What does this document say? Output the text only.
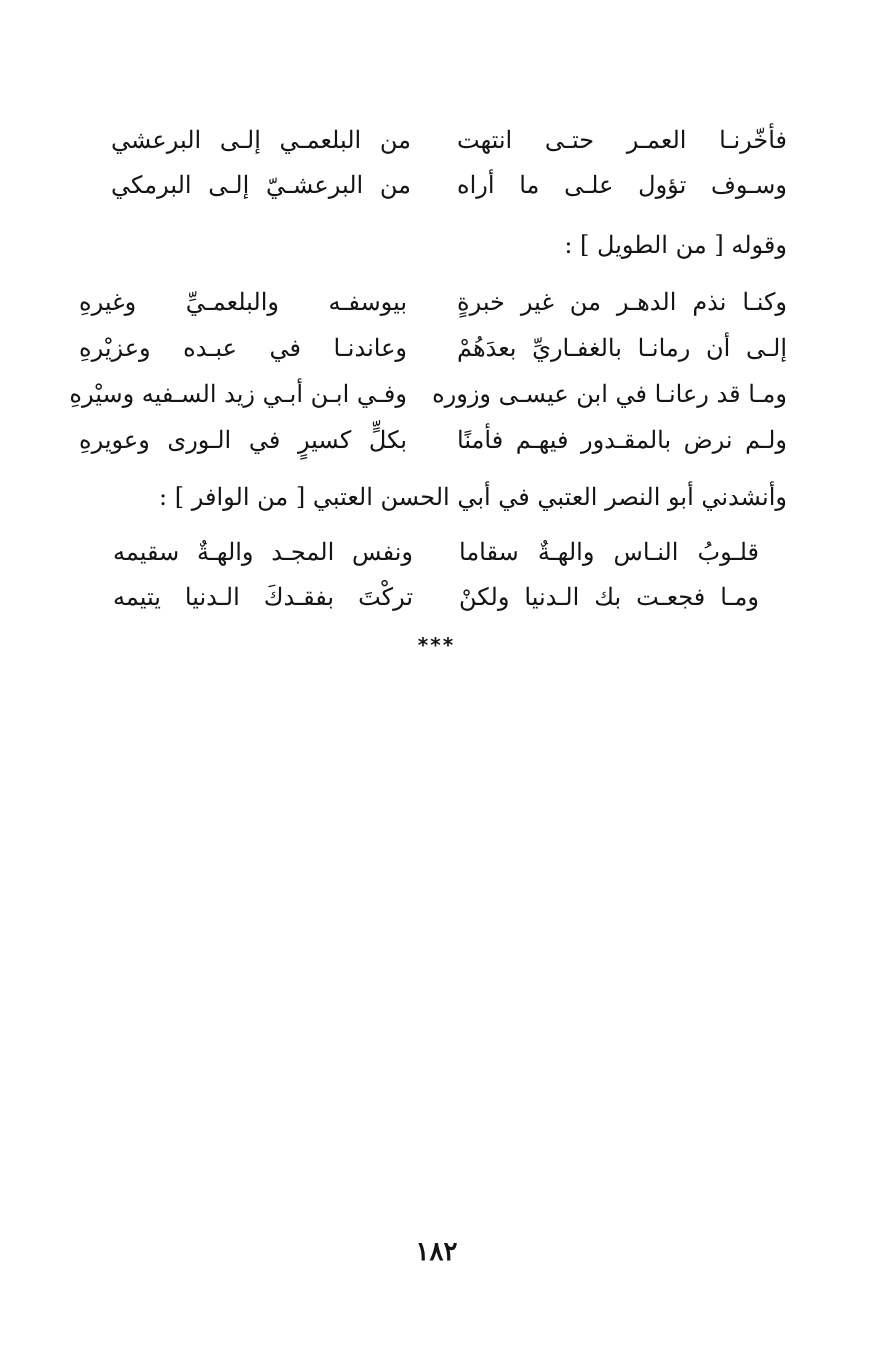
فأخّرنـا العمـر حتـى انتهت
من البلعمـي إلـى البرعشي
وسـوف تؤول علـى ما أراه
من البرعشـيّ إلـى البرمكي
وقوله [ من الطويل ] :
وكنـا نذم الدهـر من غير خبرةٍ
بيوسفـه والبلعمـيِّ وغيرهِ
إلـى أن رمانـا بالغفـاريِّ بعدَهُمْ
وعاندنـا في عبـده وعزيْرهِ
ومـا قد رعانـا في ابن عيسـى وزوره
وفـي ابـن أبـي زيد السـفيه وسيْرهِ
ولـم نرض بالمقـدور فيهـم فأمنًا
بكلٍّ كسيرٍ في الـورى وعويرهِ
وأنشدني أبو النصر العتبي في أبي الحسن العتبي [ من الوافر ] :
قلـوبُ النـاس والهـةٌ سقاما
ونفس المجـد والهـةٌ سقيمه
ومـا فجعـت بك الـدنيا ولكنْ
تركْتَ بفقـدكَ الـدنيا يتيمه
***
١٨٢
